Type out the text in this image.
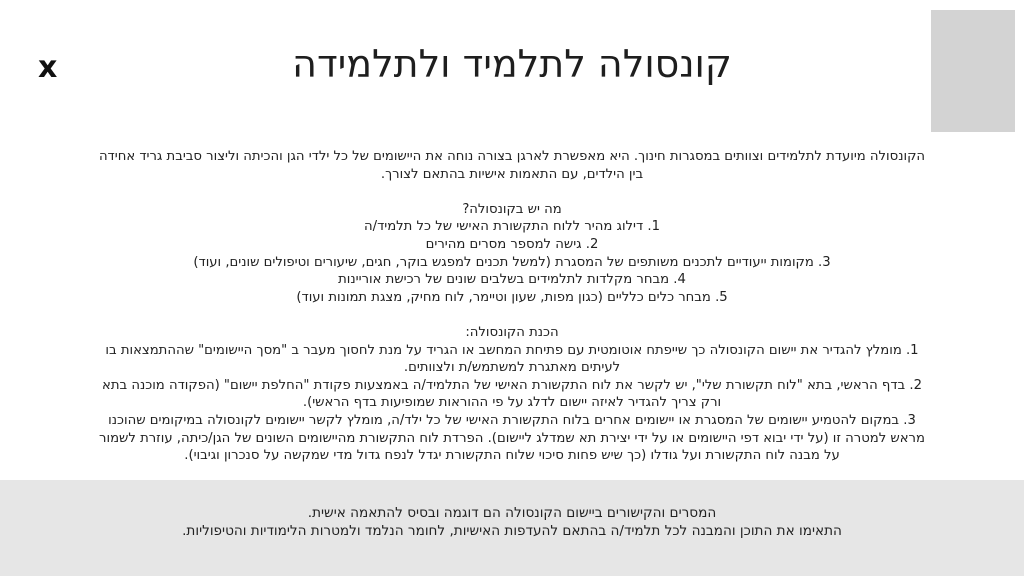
x	קונסולה לתלמיד ולתלמידה

הקונסולה מיועדת לתלמידים וצוותים במסגרות חינוך. היא מאפשרת לארגן בצורה נוחה את היישומים של כל ילדי הגן והכיתה וליצור סביבת גריד אחידה

בין הילדים, עם התאמות אישיות בהתאם לצורך.

מה יש בקונסולה?

1. דילוג מהיר ללוח התקשורת האישי של כל תלמיד/ה

2. גישה למספר מסרים מהירים

3. מקומות ייעודיים לתכנים משותפים של המסגרת (למשל תכנים למפגש בוקר, חגים, שיעורים וטיפולים שונים, ועוד)

4. מבחר מקלדות לתלמידים בשלבים שונים של רכישת אוריינות

5. מבחר כלים כלליים (כגון מפות, שעון וטיימר, לוח מחיק, מצגת תמונות ועוד)

הכנת הקונסולה:

1. מומלץ להגדיר את יישום הקונסולה כך שייפתח אוטומטית עם פתיחת המחשב או הגריד על מנת לחסוך מעבר ב "מסך היישומים" שההתמצאות בו

לעיתים מאתגרת למשתמש/ת ולצוותים.

2. בדף הראשי, בתא "לוח תקשורת שלי", יש לקשר את לוח התקשורת האישי של התלמיד/ה באמצעות פקודת "החלפת יישום" (הפקודה מוכנה בתא

ורק צריך להגדיר לאיזה יישום לדלג על פי ההוראות שמופיעות בדף הראשי).

3. במקום להטמיע יישומים של המסגרת או יישומים אחרים בלוח התקשורת האישי של כל ילד/ה, מומלץ לקשר יישומים לקונסולה במיקומים שהוכנו

מראש למטרה זו (על ידי יבוא דפי היישומים או על ידי יצירת תא שמדלג ליישום). הפרדת לוח התקשורת מהיישומים השונים של הגן/כיתה, עוזרת לשמור

על מבנה לוח התקשורת ועל גודלו (כך שיש פחות סיכוי שלוח התקשורת יגדל לנפח גדול מדי שמקשה על סנכרון וגיבוי).

המסרים והקישורים ביישום הקונסולה הם דוגמה ובסיס להתאמה אישית.

התאימו את התוכן והמבנה לכל תלמיד/ה בהתאם להעדפות האישיות, לחומר הנלמד ולמטרות הלימודיות והטיפוליות.
